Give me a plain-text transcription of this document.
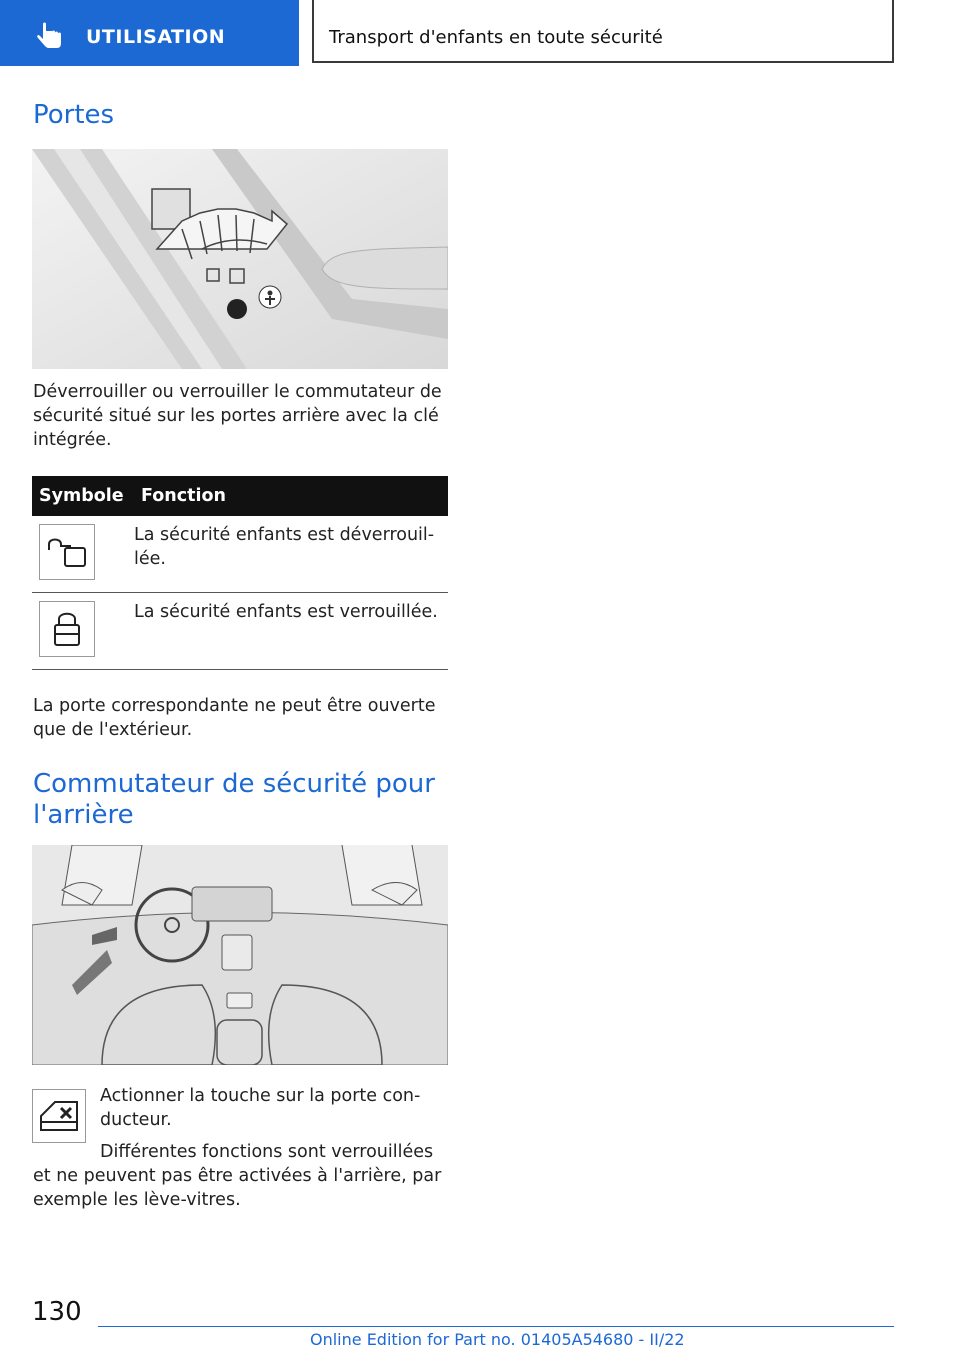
UTILISATION	Transport d'enfants en toute sécurité
Portes

Déverrouiller ou verrouiller le commutateur de sécurité situé sur les portes arrière avec la clé intégrée.

Symbole	Fonction

La sécurité enfants est déverrouillée.

La sécurité enfants est verrouillée.

La porte correspondante ne peut être ouverte que de l'extérieur.

Commutateur de sécurité pour l'arrière

Actionner la touche sur la porte conducteur.

Différentes fonctions sont verrouillées et ne peuvent pas être activées à l'arrière, par exemple les lève-vitres.

130
Online Edition for Part no. 01405A54680 - II/22
